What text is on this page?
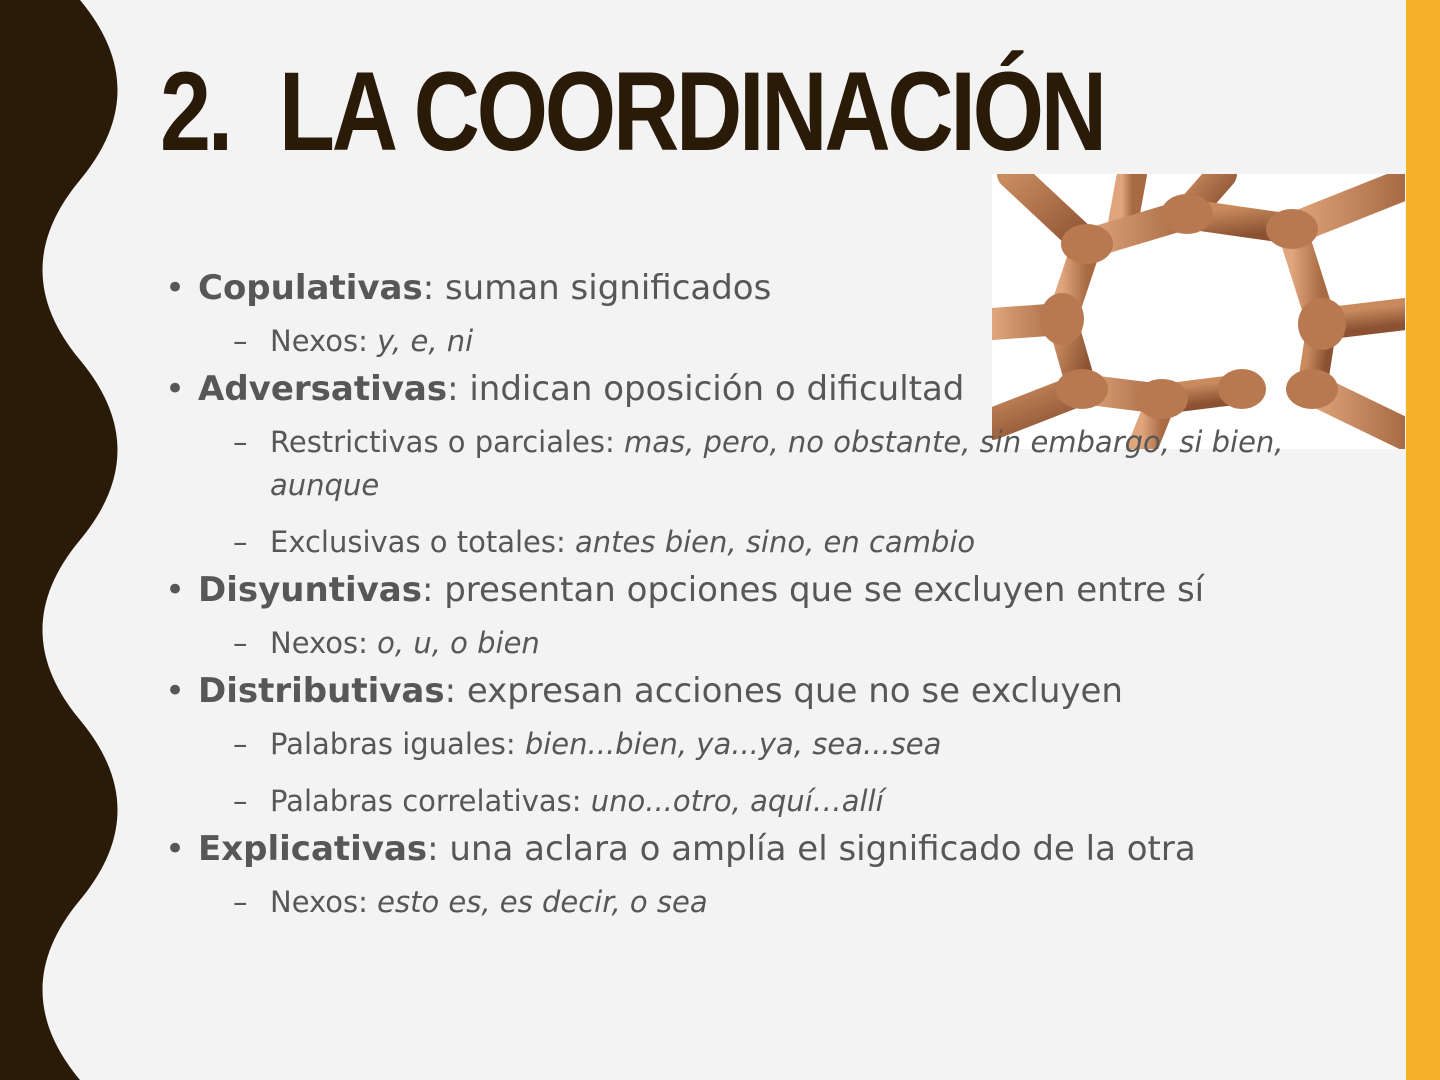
2. LA COORDINACIÓN
• Copulativas: suman significados
– Nexos: y, e, ni
• Adversativas: indican oposición o dificultad
– Restrictivas o parciales: mas, pero, no obstante, sin embargo, si bien, aunque
– Exclusivas o totales: antes bien, sino, en cambio
• Disyuntivas: presentan opciones que se excluyen entre sí
– Nexos: o, u, o bien
• Distributivas: expresan acciones que no se excluyen
– Palabras iguales: bien...bien, ya...ya, sea...sea
– Palabras correlativas: uno...otro, aquí…allí
• Explicativas: una aclara o amplía el significado de la otra
– Nexos: esto es, es decir, o sea
